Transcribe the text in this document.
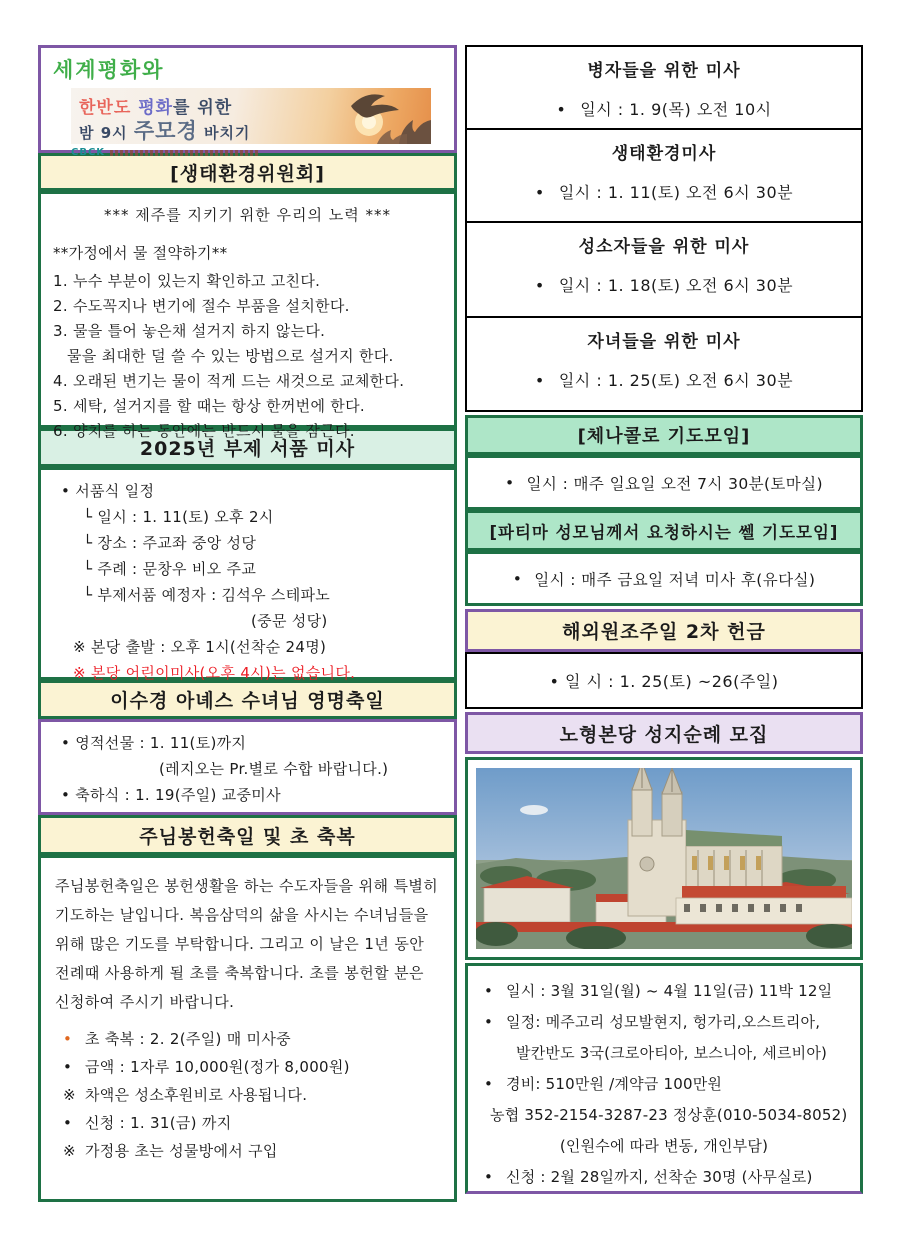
세계평화와
한반도 평화를 위한
밤 9시 주모경 바치기
CBCK
[생태환경위원회]
*** 제주를 지키기 위한 우리의 노력 ***
**가정에서 물 절약하기**
1. 누수 부분이 있는지 확인하고 고친다.
2. 수도꼭지나 변기에 절수 부품을 설치한다.
3. 물을 틀어 놓은채 설거지 하지 않는다.
물을 최대한 덜 쓸 수 있는 방법으로 설거지 한다.
4. 오래된 변기는 물이 적게 드는 새것으로 교체한다.
5. 세탁, 설거지를 할 때는 항상 한꺼번에 한다.
6. 양치를 하는 동안에는 반드시 물을 잠근다.
2025년 부제 서품 미사
• 서품식 일정
└ 일시 : 1. 11(토) 오후 2시
└ 장소 : 주교좌 중앙 성당
└ 주례 : 문창우 비오 주교
└ 부제서품 예정자 : 김석우 스테파노
(중문 성당)
※ 본당 출발 : 오후 1시(선착순 24명)
※ 본당 어린이미사(오후 4시)는 없습니다.
이수경 아녜스 수녀님 영명축일
• 영적선물 : 1. 11(토)까지
(레지오는 Pr.별로 수합 바랍니다.)
• 축하식 : 1. 19(주일) 교중미사
주님봉헌축일 및 초 축복
주님봉헌축일은 봉헌생활을 하는 수도자들을 위해 특별히 기도하는 날입니다. 복음삼덕의 삶을 사시는 수녀님들을 위해 많은 기도를 부탁합니다. 그리고 이 날은 1년 동안 전례때 사용하게 될 초를 축복합니다. 초를 봉헌할 분은 신청하여 주시기 바랍니다.
• 초 축복 : 2. 2(주일) 매 미사중
• 금액 : 1자루 10,000원(정가 8,000원)
※ 차액은 성소후원비로 사용됩니다.
• 신청 : 1. 31(금) 까지
※ 가정용 초는 성물방에서 구입
병자들을 위한 미사
• 일시 : 1. 9(목) 오전 10시
생태환경미사
• 일시 : 1. 11(토) 오전 6시 30분
성소자들을 위한 미사
• 일시 : 1. 18(토) 오전 6시 30분
자녀들을 위한 미사
• 일시 : 1. 25(토) 오전 6시 30분
[체나콜로 기도모임]
• 일시 : 매주 일요일 오전 7시 30분(토마실)
[파티마 성모님께서 요청하시는 쎌 기도모임]
• 일시 : 매주 금요일 저녁 미사 후(유다실)
해외원조주일 2차 헌금
• 일 시 : 1. 25(토) ~26(주일)
노형본당 성지순례 모집
• 일시 : 3월 31일(월) ~ 4월 11일(금) 11박 12일
• 일정: 메주고리 성모발현지, 헝가리,오스트리아,
발칸반도 3국(크로아티아, 보스니아, 세르비아)
• 경비: 510만원 /계약금 100만원
농협 352-2154-3287-23 정상훈(010-5034-8052)
(인원수에 따라 변동, 개인부담)
• 신청 : 2월 28일까지, 선착순 30명 (사무실로)
